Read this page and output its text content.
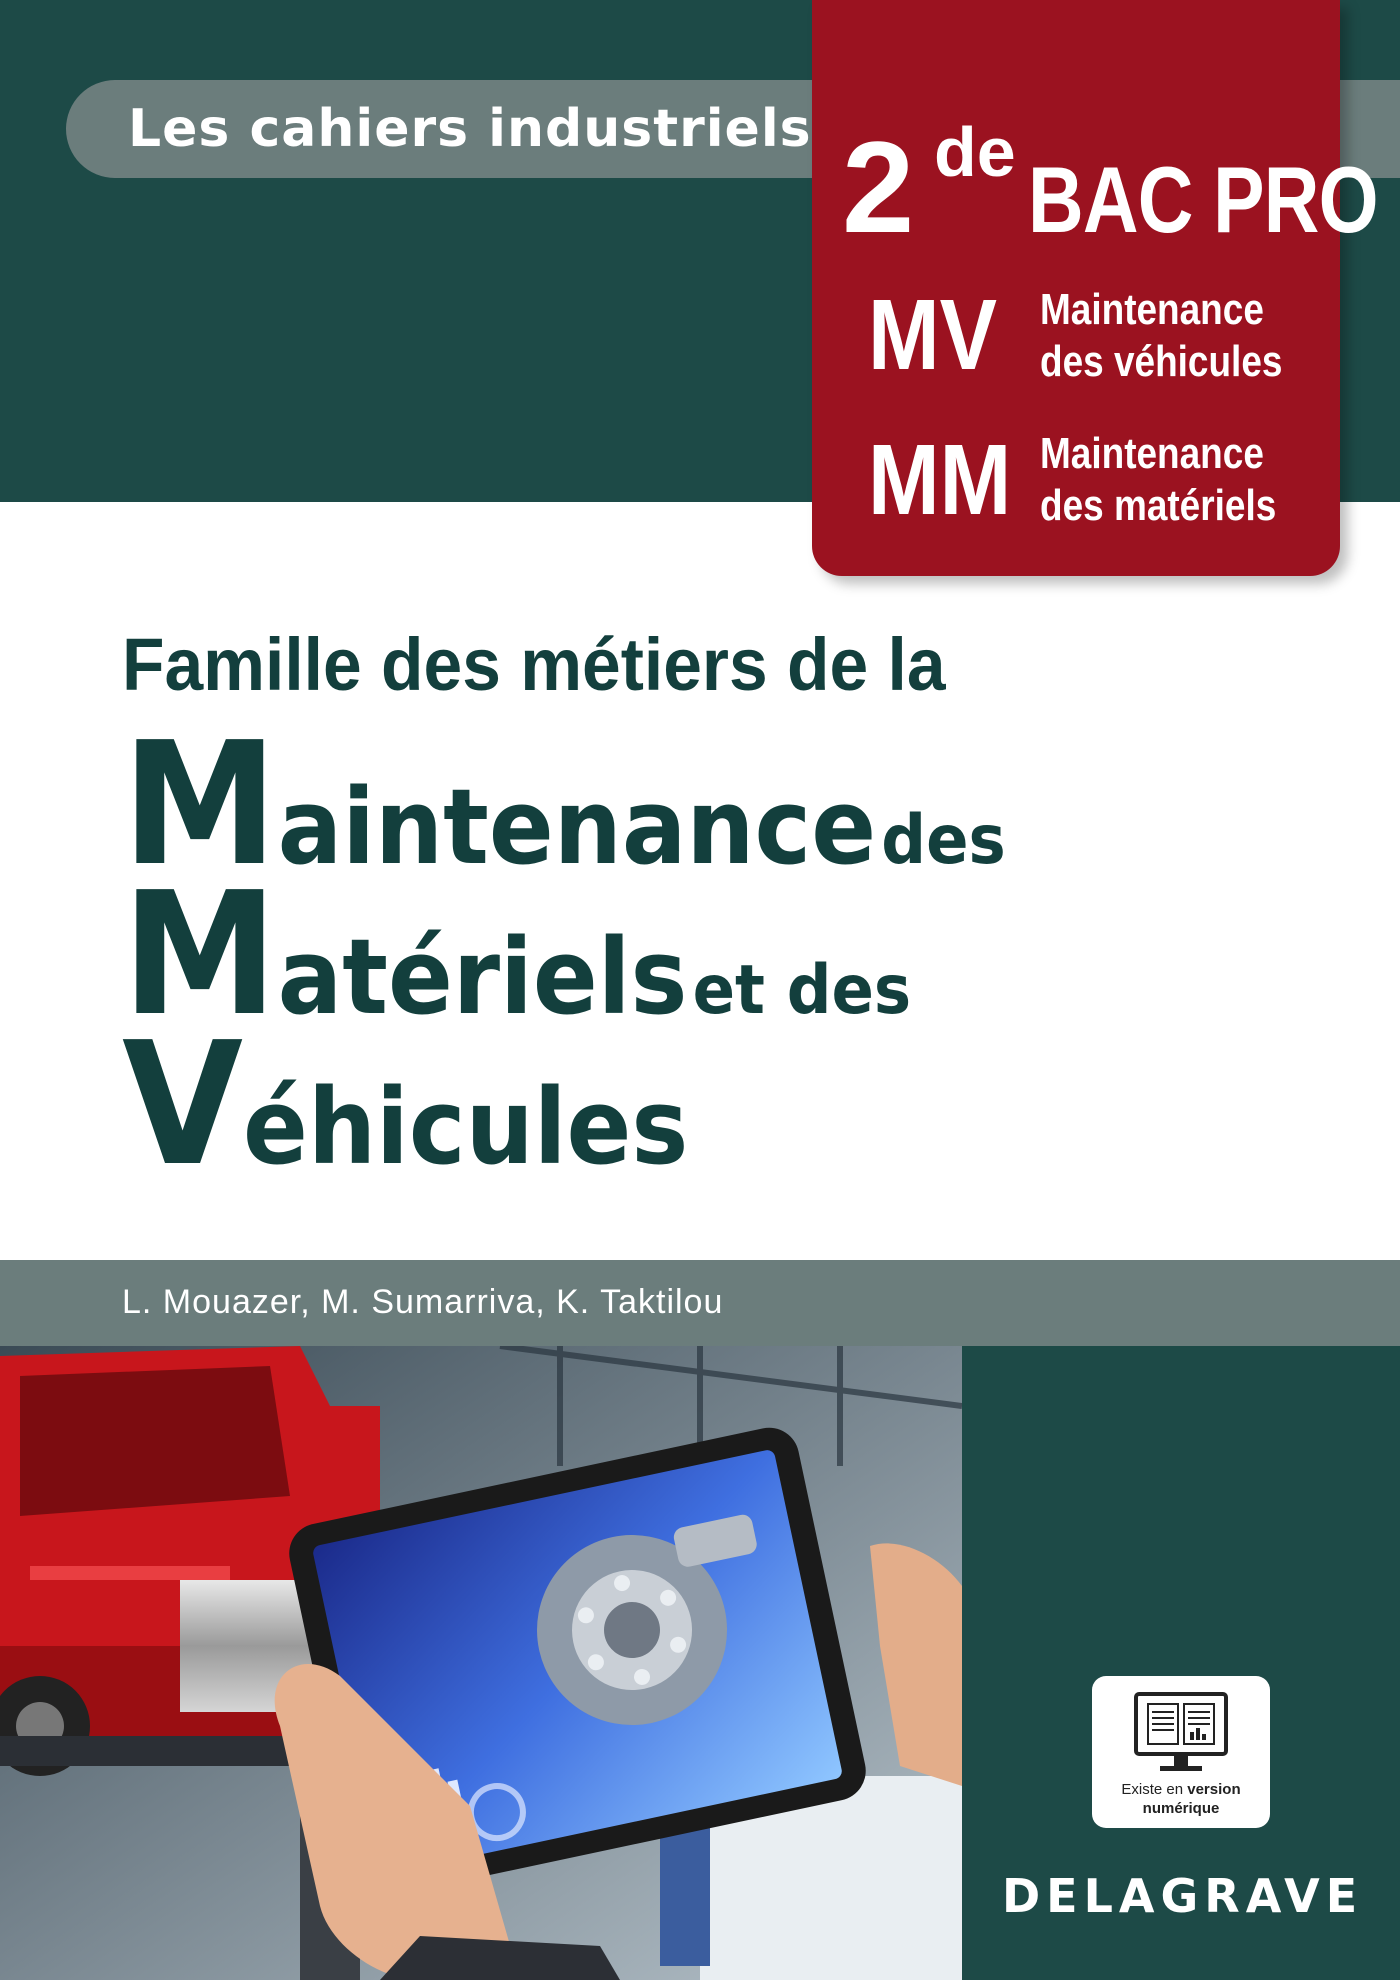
Les cahiers industriels 2 de BAC PRO
MV Maintenance
des véhicules
MM Maintenance
des matériels
Famille des métiers de la
Maintenance des
Matériels et des
Véhicules
L. Mouazer, M. Sumarriva, K. Taktilou
Existe en version
numérique
DELAGRAVE
